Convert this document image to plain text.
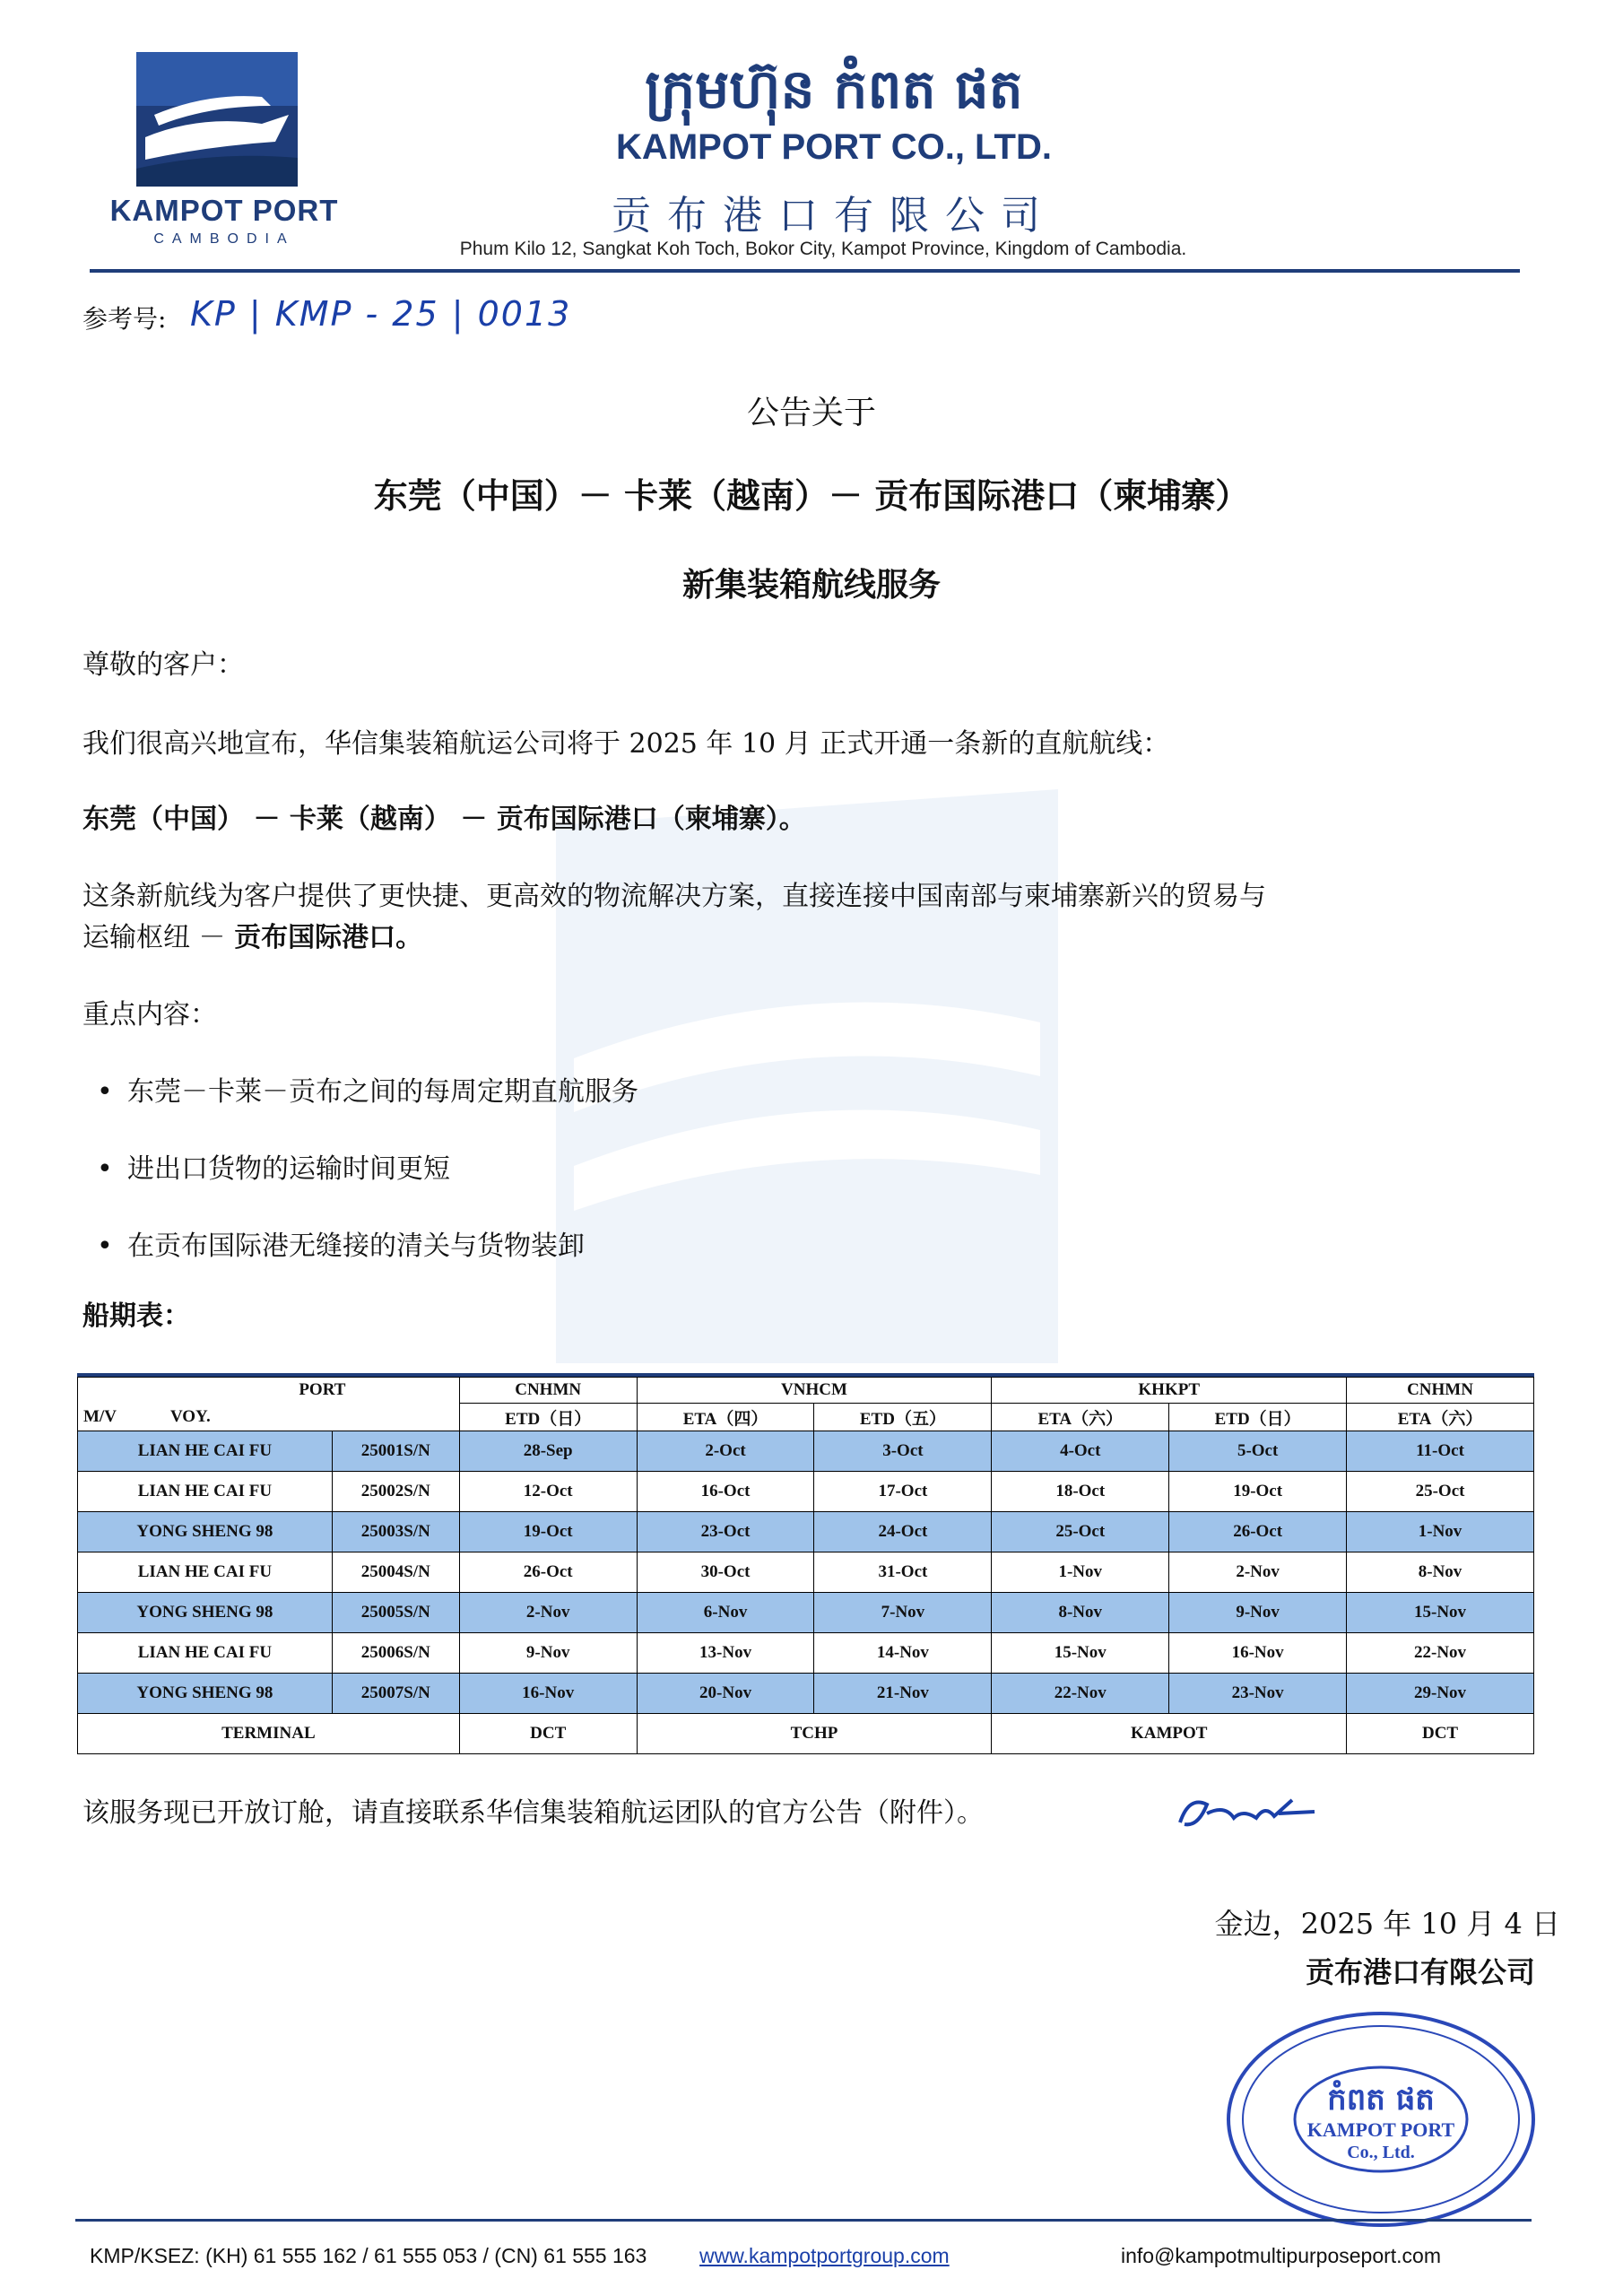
KAMPOT PORT
CAMBODIA
ក្រុមហ៊ុន កំពត ផត
KAMPOT PORT CO., LTD.
贡布港口有限公司
Phum Kilo 12, Sangkat Koh Toch, Bokor City, Kampot Province, Kingdom of Cambodia.
参考号: KP | KMP - 25 | 0013
公告关于
东莞（中国）－ 卡莱（越南）－ 贡布国际港口（柬埔寨）
新集装箱航线服务
尊敬的客户：
我们很高兴地宣布，华信集装箱航运公司将于 2025 年 10 月 正式开通一条新的直航航线：
东莞（中国） － 卡莱（越南） － 贡布国际港口（柬埔寨）。
这条新航线为客户提供了更快捷、更高效的物流解决方案，直接连接中国南部与柬埔寨新兴的贸易与
运输枢纽 － 贡布国际港口。
重点内容：
• 东莞－卡莱－贡布之间的每周定期直航服务
• 进出口货物的运输时间更短
• 在贡布国际港无缝接的清关与货物装卸
船期表：
PORT		CNHMN	VNHCM		KHKPT		CNHMN
M/V VOY.		ETD（日）	ETA（四）	ETD（五）	ETA（六）	ETD（日）	ETA（六）
LIAN HE CAI FU	25001S/N	28-Sep	2-Oct	3-Oct	4-Oct	5-Oct	11-Oct
LIAN HE CAI FU	25002S/N	12-Oct	16-Oct	17-Oct	18-Oct	19-Oct	25-Oct
YONG SHENG 98	25003S/N	19-Oct	23-Oct	24-Oct	25-Oct	26-Oct	1-Nov
LIAN HE CAI FU	25004S/N	26-Oct	30-Oct	31-Oct	1-Nov	2-Nov	8-Nov
YONG SHENG 98	25005S/N	2-Nov	6-Nov	7-Nov	8-Nov	9-Nov	15-Nov
LIAN HE CAI FU	25006S/N	9-Nov	13-Nov	14-Nov	15-Nov	16-Nov	22-Nov
YONG SHENG 98	25007S/N	16-Nov	20-Nov	21-Nov	22-Nov	23-Nov	29-Nov
TERMINAL		DCT	TCHP		KAMPOT		DCT
该服务现已开放订舱，请直接联系华信集装箱航运团队的官方公告（附件）。
金边，2025 年 10 月 4 日
贡布港口有限公司
កំពត ផត
KAMPOT PORT
Co., Ltd.
KMP/KSEZ: (KH) 61 555 162 / 61 555 053 / (CN) 61 555 163	www.kampotportgroup.com	info@kampotmultipurposeport.com
